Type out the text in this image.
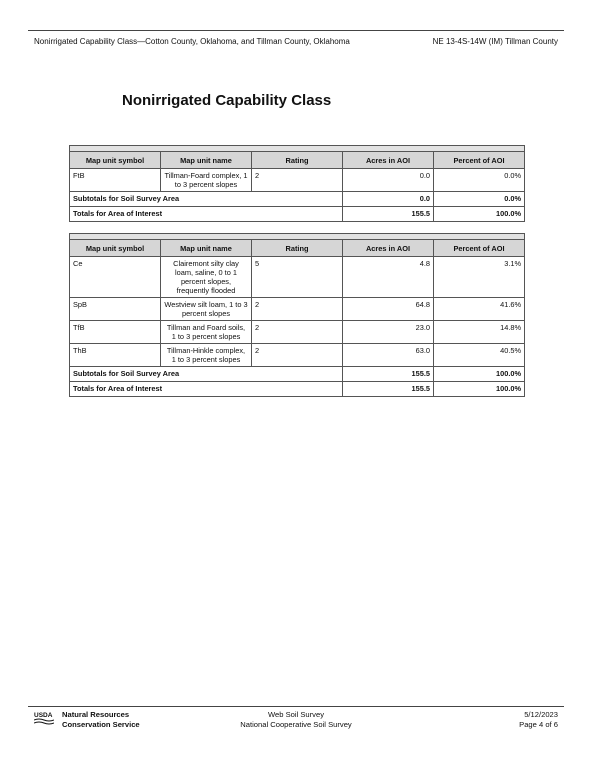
Nonirrigated Capability Class—Cotton County, Oklahoma, and Tillman County, Oklahoma	NE 13-4S-14W (IM) Tillman County
Nonirrigated Capability Class

Map unit symbol	Map unit name	Rating	Acres in AOI	Percent of AOI
FtB	Tillman-Foard complex, 1 to 3 percent slopes	2	0.0	0.0%
Subtotals for Soil Survey Area			0.0	0.0%
Totals for Area of Interest			155.5	100.0%

Map unit symbol	Map unit name	Rating	Acres in AOI	Percent of AOI
Ce	Clairemont silty clay loam, saline, 0 to 1 percent slopes, frequently flooded	5	4.8	3.1%
SpB	Westview silt loam, 1 to 3 percent slopes	2	64.8	41.6%
TfB	Tillman and Foard soils, 1 to 3 percent slopes	2	23.0	14.8%
ThB	Tillman-Hinkle complex, 1 to 3 percent slopes	2	63.0	40.5%
Subtotals for Soil Survey Area			155.5	100.0%
Totals for Area of Interest			155.5	100.0%
USDA Natural Resources
Conservation Service
Web Soil Survey
National Cooperative Soil Survey
5/12/2023
Page 4 of 6
